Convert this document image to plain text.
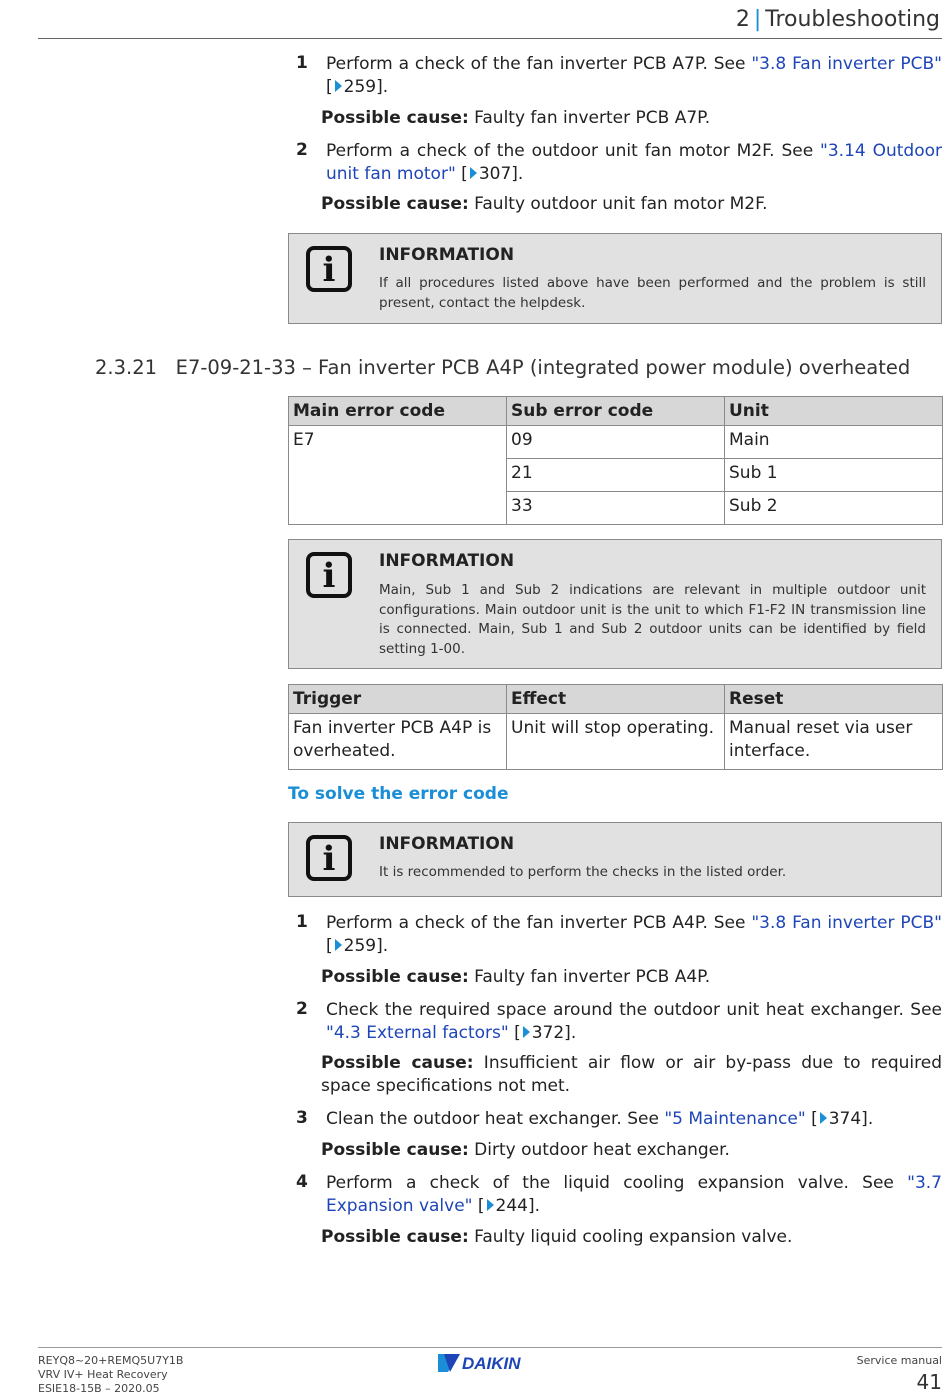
2 | Troubleshooting
1 Perform a check of the fan inverter PCB A7P. See "3.8 Fan inverter PCB" [ 259].
Possible cause: Faulty fan inverter PCB A7P.
2 Perform a check of the outdoor unit fan motor M2F. See "3.14 Outdoor unit fan motor" [ 307].
Possible cause: Faulty outdoor unit fan motor M2F.
i	INFORMATION
If all procedures listed above have been performed and the problem is still present, contact the helpdesk.
2.3.21   E7-09-21-33 – Fan inverter PCB A4P (integrated power module) overheated
Main error code	Sub error code	Unit
E7	09	Main
	21	Sub 1
	33	Sub 2
i	INFORMATION
Main, Sub 1 and Sub 2 indications are relevant in multiple outdoor unit configurations. Main outdoor unit is the unit to which F1-F2 IN transmission line is connected. Main, Sub 1 and Sub 2 outdoor units can be identified by field setting 1-00.
Trigger	Effect	Reset
Fan inverter PCB A4P is overheated.	Unit will stop operating.	Manual reset via user interface.
To solve the error code
i	INFORMATION
It is recommended to perform the checks in the listed order.
1 Perform a check of the fan inverter PCB A4P. See "3.8 Fan inverter PCB" [ 259].
Possible cause: Faulty fan inverter PCB A4P.
2 Check the required space around the outdoor unit heat exchanger. See "4.3 External factors" [ 372].
Possible cause: Insufficient air flow or air by-pass due to required space specifications not met.
3 Clean the outdoor heat exchanger. See "5 Maintenance" [ 374].
Possible cause: Dirty outdoor heat exchanger.
4 Perform a check of the liquid cooling expansion valve. See "3.7 Expansion valve" [ 244].
Possible cause: Faulty liquid cooling expansion valve.
REYQ8~20+REMQ5U7Y1B
VRV IV+ Heat Recovery
ESIE18-15B – 2020.05
DAIKIN	Service manual
41
